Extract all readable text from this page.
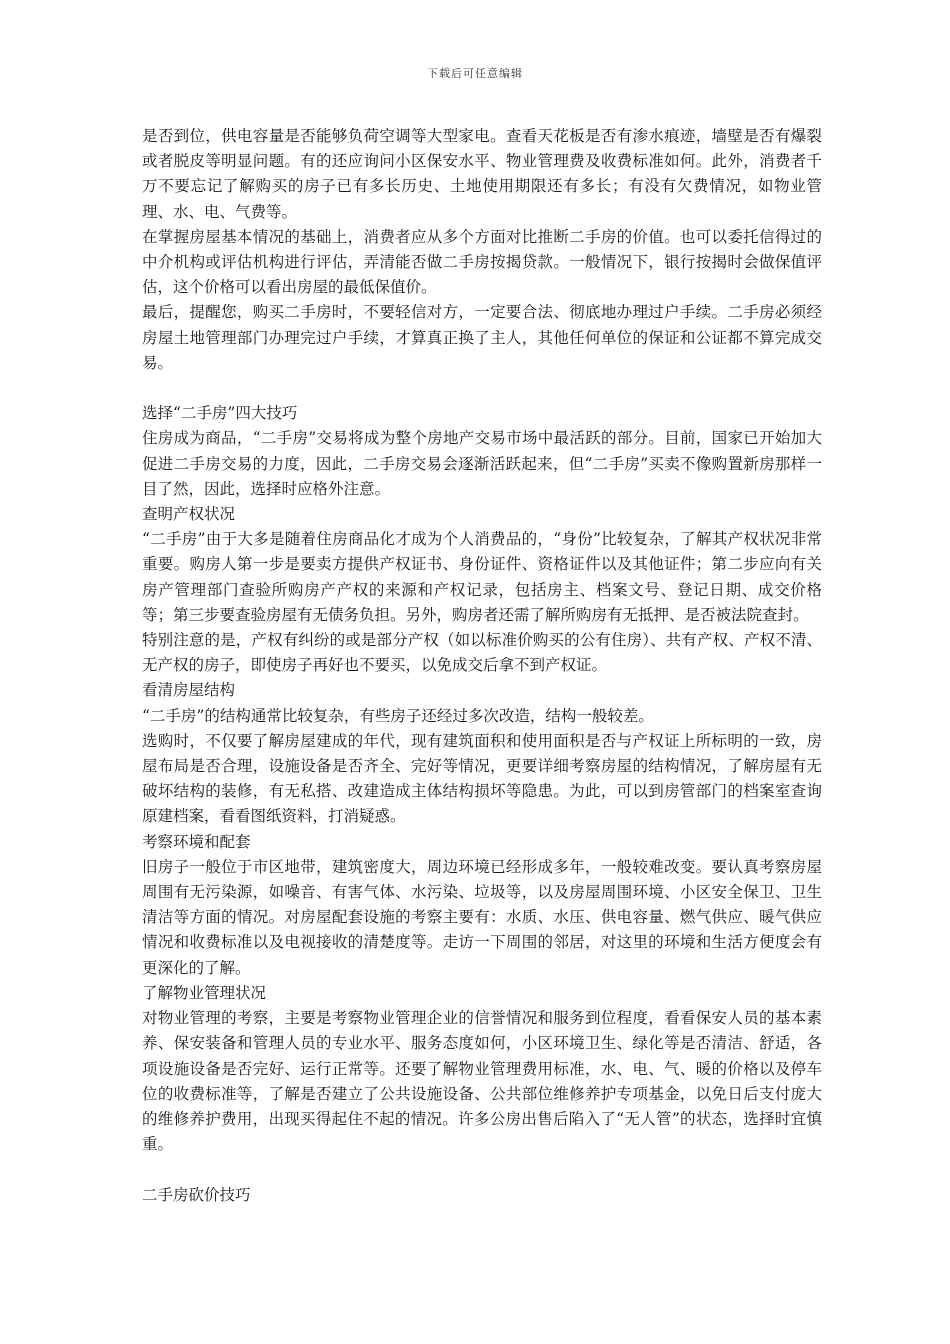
下载后可任意编辑

是否到位，供电容量是否能够负荷空调等大型家电。查看天花板是否有渗水痕迹，墙壁是否有爆裂或者脱皮等明显问题。有的还应询问小区保安水平、物业管理费及收费标准如何。此外，消费者千万不要忘记了解购买的房子已有多长历史、土地使用期限还有多长；有没有欠费情况，如物业管理、水、电、气费等。

在掌握房屋基本情况的基础上，消费者应从多个方面对比推断二手房的价值。也可以委托信得过的中介机构或评估机构进行评估，弄清能否做二手房按揭贷款。一般情况下，银行按揭时会做保值评估，这个价格可以看出房屋的最低保值价。

最后，提醒您，购买二手房时，不要轻信对方，一定要合法、彻底地办理过户手续。二手房必须经房屋土地管理部门办理完过户手续，才算真正换了主人，其他任何单位的保证和公证都不算完成交易。

选择“二手房”四大技巧

住房成为商品，“二手房”交易将成为整个房地产交易市场中最活跃的部分。目前，国家已开始加大促进二手房交易的力度，因此，二手房交易会逐渐活跃起来，但“二手房”买卖不像购置新房那样一目了然，因此，选择时应格外注意。

查明产权状况

“二手房”由于大多是随着住房商品化才成为个人消费品的，“身份”比较复杂，了解其产权状况非常重要。购房人第一步是要卖方提供产权证书、身份证件、资格证件以及其他证件；第二步应向有关房产管理部门查验所购房产产权的来源和产权记录，包括房主、档案文号、登记日期、成交价格等；第三步要查验房屋有无债务负担。另外，购房者还需了解所购房有无抵押、是否被法院查封。

特别注意的是，产权有纠纷的或是部分产权（如以标准价购买的公有住房）、共有产权、产权不清、无产权的房子，即使房子再好也不要买，以免成交后拿不到产权证。

看清房屋结构

“二手房”的结构通常比较复杂，有些房子还经过多次改造，结构一般较差。

选购时，不仅要了解房屋建成的年代，现有建筑面积和使用面积是否与产权证上所标明的一致，房屋布局是否合理，设施设备是否齐全、完好等情况，更要详细考察房屋的结构情况，了解房屋有无破坏结构的装修，有无私搭、改建造成主体结构损坏等隐患。为此，可以到房管部门的档案室查询原建档案，看看图纸资料，打消疑惑。

考察环境和配套

旧房子一般位于市区地带，建筑密度大，周边环境已经形成多年，一般较难改变。要认真考察房屋周围有无污染源，如噪音、有害气体、水污染、垃圾等，以及房屋周围环境、小区安全保卫、卫生清洁等方面的情况。对房屋配套设施的考察主要有：水质、水压、供电容量、燃气供应、暖气供应情况和收费标准以及电视接收的清楚度等。走访一下周围的邻居，对这里的环境和生活方便度会有更深化的了解。

了解物业管理状况

对物业管理的考察，主要是考察物业管理企业的信誉情况和服务到位程度，看看保安人员的基本素养、保安装备和管理人员的专业水平、服务态度如何，小区环境卫生、绿化等是否清洁、舒适，各项设施设备是否完好、运行正常等。还要了解物业管理费用标准，水、电、气、暖的价格以及停车位的收费标准等，了解是否建立了公共设施设备、公共部位维修养护专项基金，以免日后支付庞大的维修养护费用，出现买得起住不起的情况。许多公房出售后陷入了“无人管”的状态，选择时宜慎重。

二手房砍价技巧
